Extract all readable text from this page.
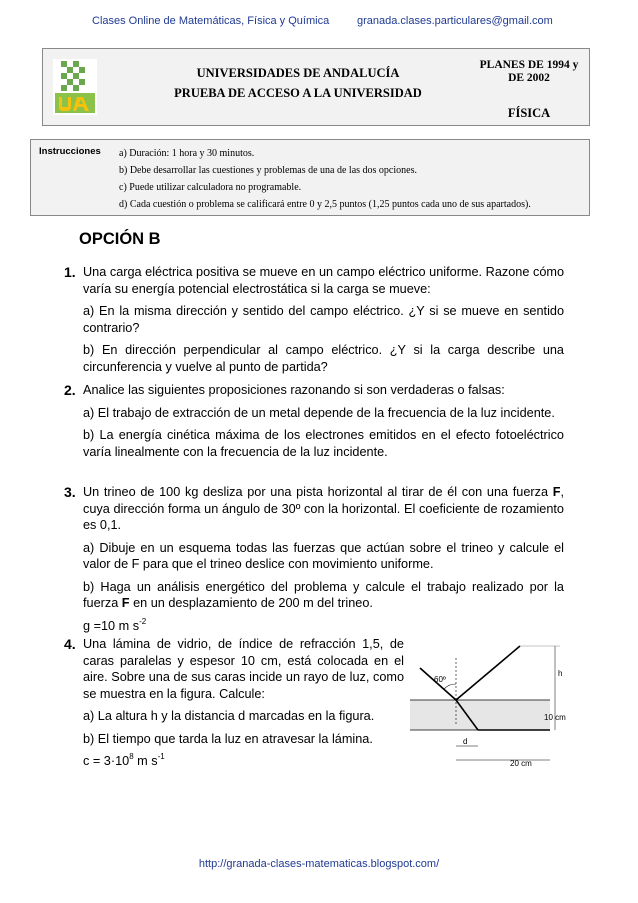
Clases Online de Matemáticas, Física y Química	granada.clases.particulares@gmail.com
UNIVERSIDADES DE ANDALUCÍA
PRUEBA DE ACCESO A LA UNIVERSIDAD
PLANES DE 1994 y
DE 2002
FÍSICA
Instrucciones a) Duración: 1 hora y 30 minutos.
b) Debe desarrollar las cuestiones y problemas de una de las dos opciones.
c) Puede utilizar calculadora no programable.
d) Cada cuestión o problema se calificará entre 0 y 2,5 puntos (1,25 puntos cada uno de sus apartados).
OPCIÓN B
1. Una carga eléctrica positiva se mueve en un campo eléctrico uniforme. Razone cómo varía su energía potencial electrostática si la carga se mueve:

a) En la misma dirección y sentido del campo eléctrico. ¿Y si se mueve en sentido contrario?

b) En dirección perpendicular al campo eléctrico. ¿Y si la carga describe una circunferencia y vuelve al punto de partida?

2. Analice las siguientes proposiciones razonando si son verdaderas o falsas:

a) El trabajo de extracción de un metal depende de la frecuencia de la luz incidente.

b) La energía cinética máxima de los electrones emitidos en el efecto fotoeléctrico varía linealmente con la frecuencia de la luz incidente.

3. Un trineo de 100 kg desliza por una pista horizontal al tirar de él con una fuerza F, cuya dirección forma un ángulo de 30º con la horizontal. El coeficiente de rozamiento es 0,1.

a) Dibuje en un esquema todas las fuerzas que actúan sobre el trineo y calcule el valor de F para que el trineo deslice con movimiento uniforme.

b) Haga un análisis energético del problema y calcule el trabajo realizado por la fuerza F en un desplazamiento de 200 m del trineo.

g =10 m $s^{-2}$

4. Una lámina de vidrio, de índice de refracción 1,5, de caras paralelas y espesor 10 cm, está colocada en el aire. Sobre una de sus caras incide un rayo de luz, como se muestra en la figura. Calcule:

a) La altura h y la distancia d marcadas en la figura.

b) El tiempo que tarda la luz en atravesar la lámina.

$c = 3\cdot 10^8$ m $s^{-1}$

60º
h
10 cm
d
20 cm
http://granada-clases-matematicas.blogspot.com/
